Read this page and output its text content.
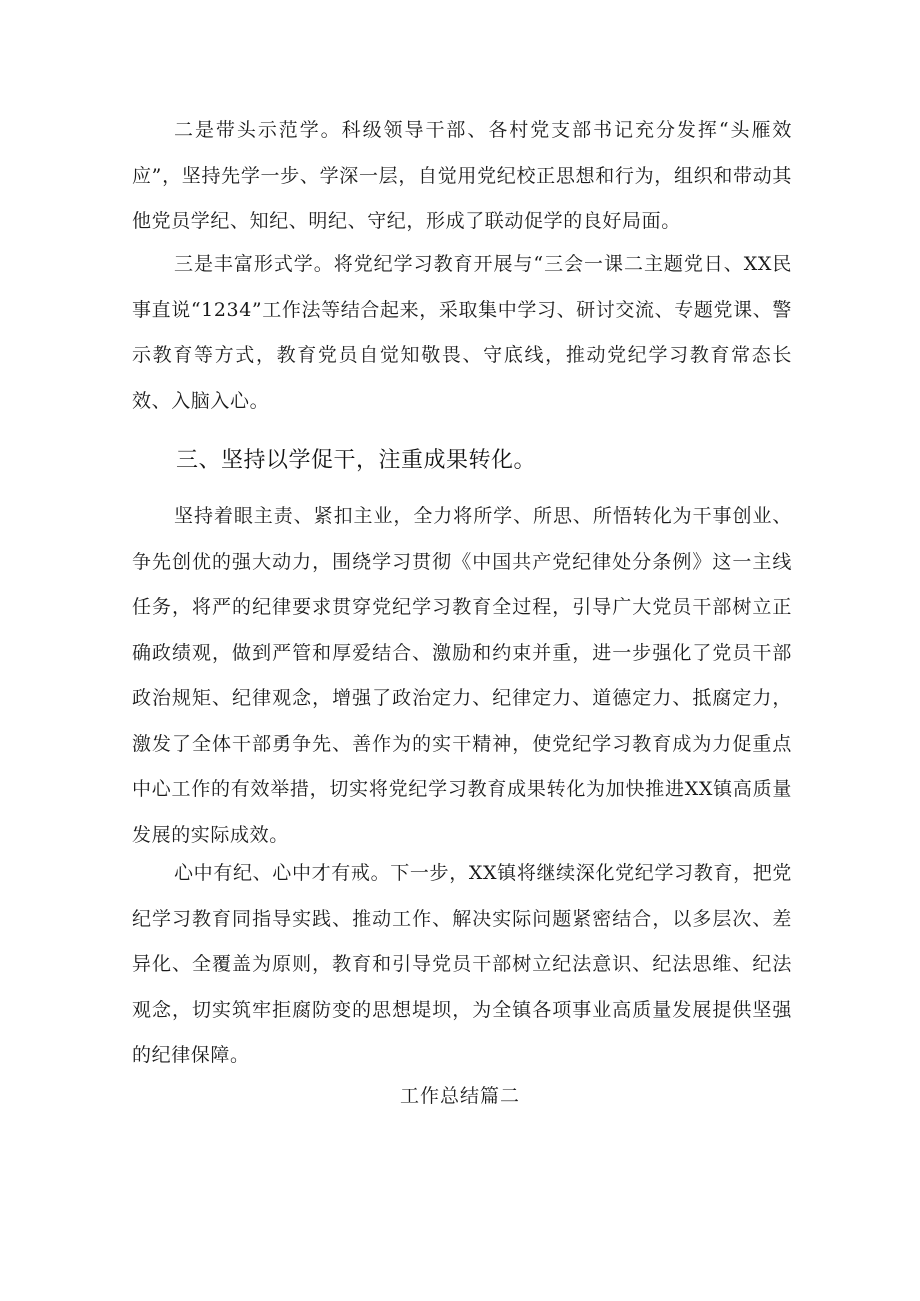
二是带头示范学。科级领导干部、各村党支部书记充分发挥“头雁效应”，坚持先学一步、学深一层，自觉用党纪校正思想和行为，组织和带动其他党员学纪、知纪、明纪、守纪，形成了联动促学的良好局面。

三是丰富形式学。将党纪学习教育开展与“三会一课二主题党日、XX民事直说“1234”工作法等结合起来，采取集中学习、研讨交流、专题党课、警示教育等方式，教育党员自觉知敬畏、守底线，推动党纪学习教育常态长效、入脑入心。

三、坚持以学促干，注重成果转化。

坚持着眼主责、紧扣主业，全力将所学、所思、所悟转化为干事创业、争先创优的强大动力，围绕学习贯彻《中国共产党纪律处分条例》这一主线任务，将严的纪律要求贯穿党纪学习教育全过程，引导广大党员干部树立正确政绩观，做到严管和厚爱结合、激励和约束并重，进一步强化了党员干部政治规矩、纪律观念，增强了政治定力、纪律定力、道德定力、抵腐定力，激发了全体干部勇争先、善作为的实干精神，使党纪学习教育成为力促重点中心工作的有效举措，切实将党纪学习教育成果转化为加快推进XX镇高质量发展的实际成效。

心中有纪、心中才有戒。下一步，XX镇将继续深化党纪学习教育，把党纪学习教育同指导实践、推动工作、解决实际问题紧密结合，以多层次、差异化、全覆盖为原则，教育和引导党员干部树立纪法意识、纪法思维、纪法观念，切实筑牢拒腐防变的思想堤坝，为全镇各项事业高质量发展提供坚强的纪律保障。

工作总结篇二
